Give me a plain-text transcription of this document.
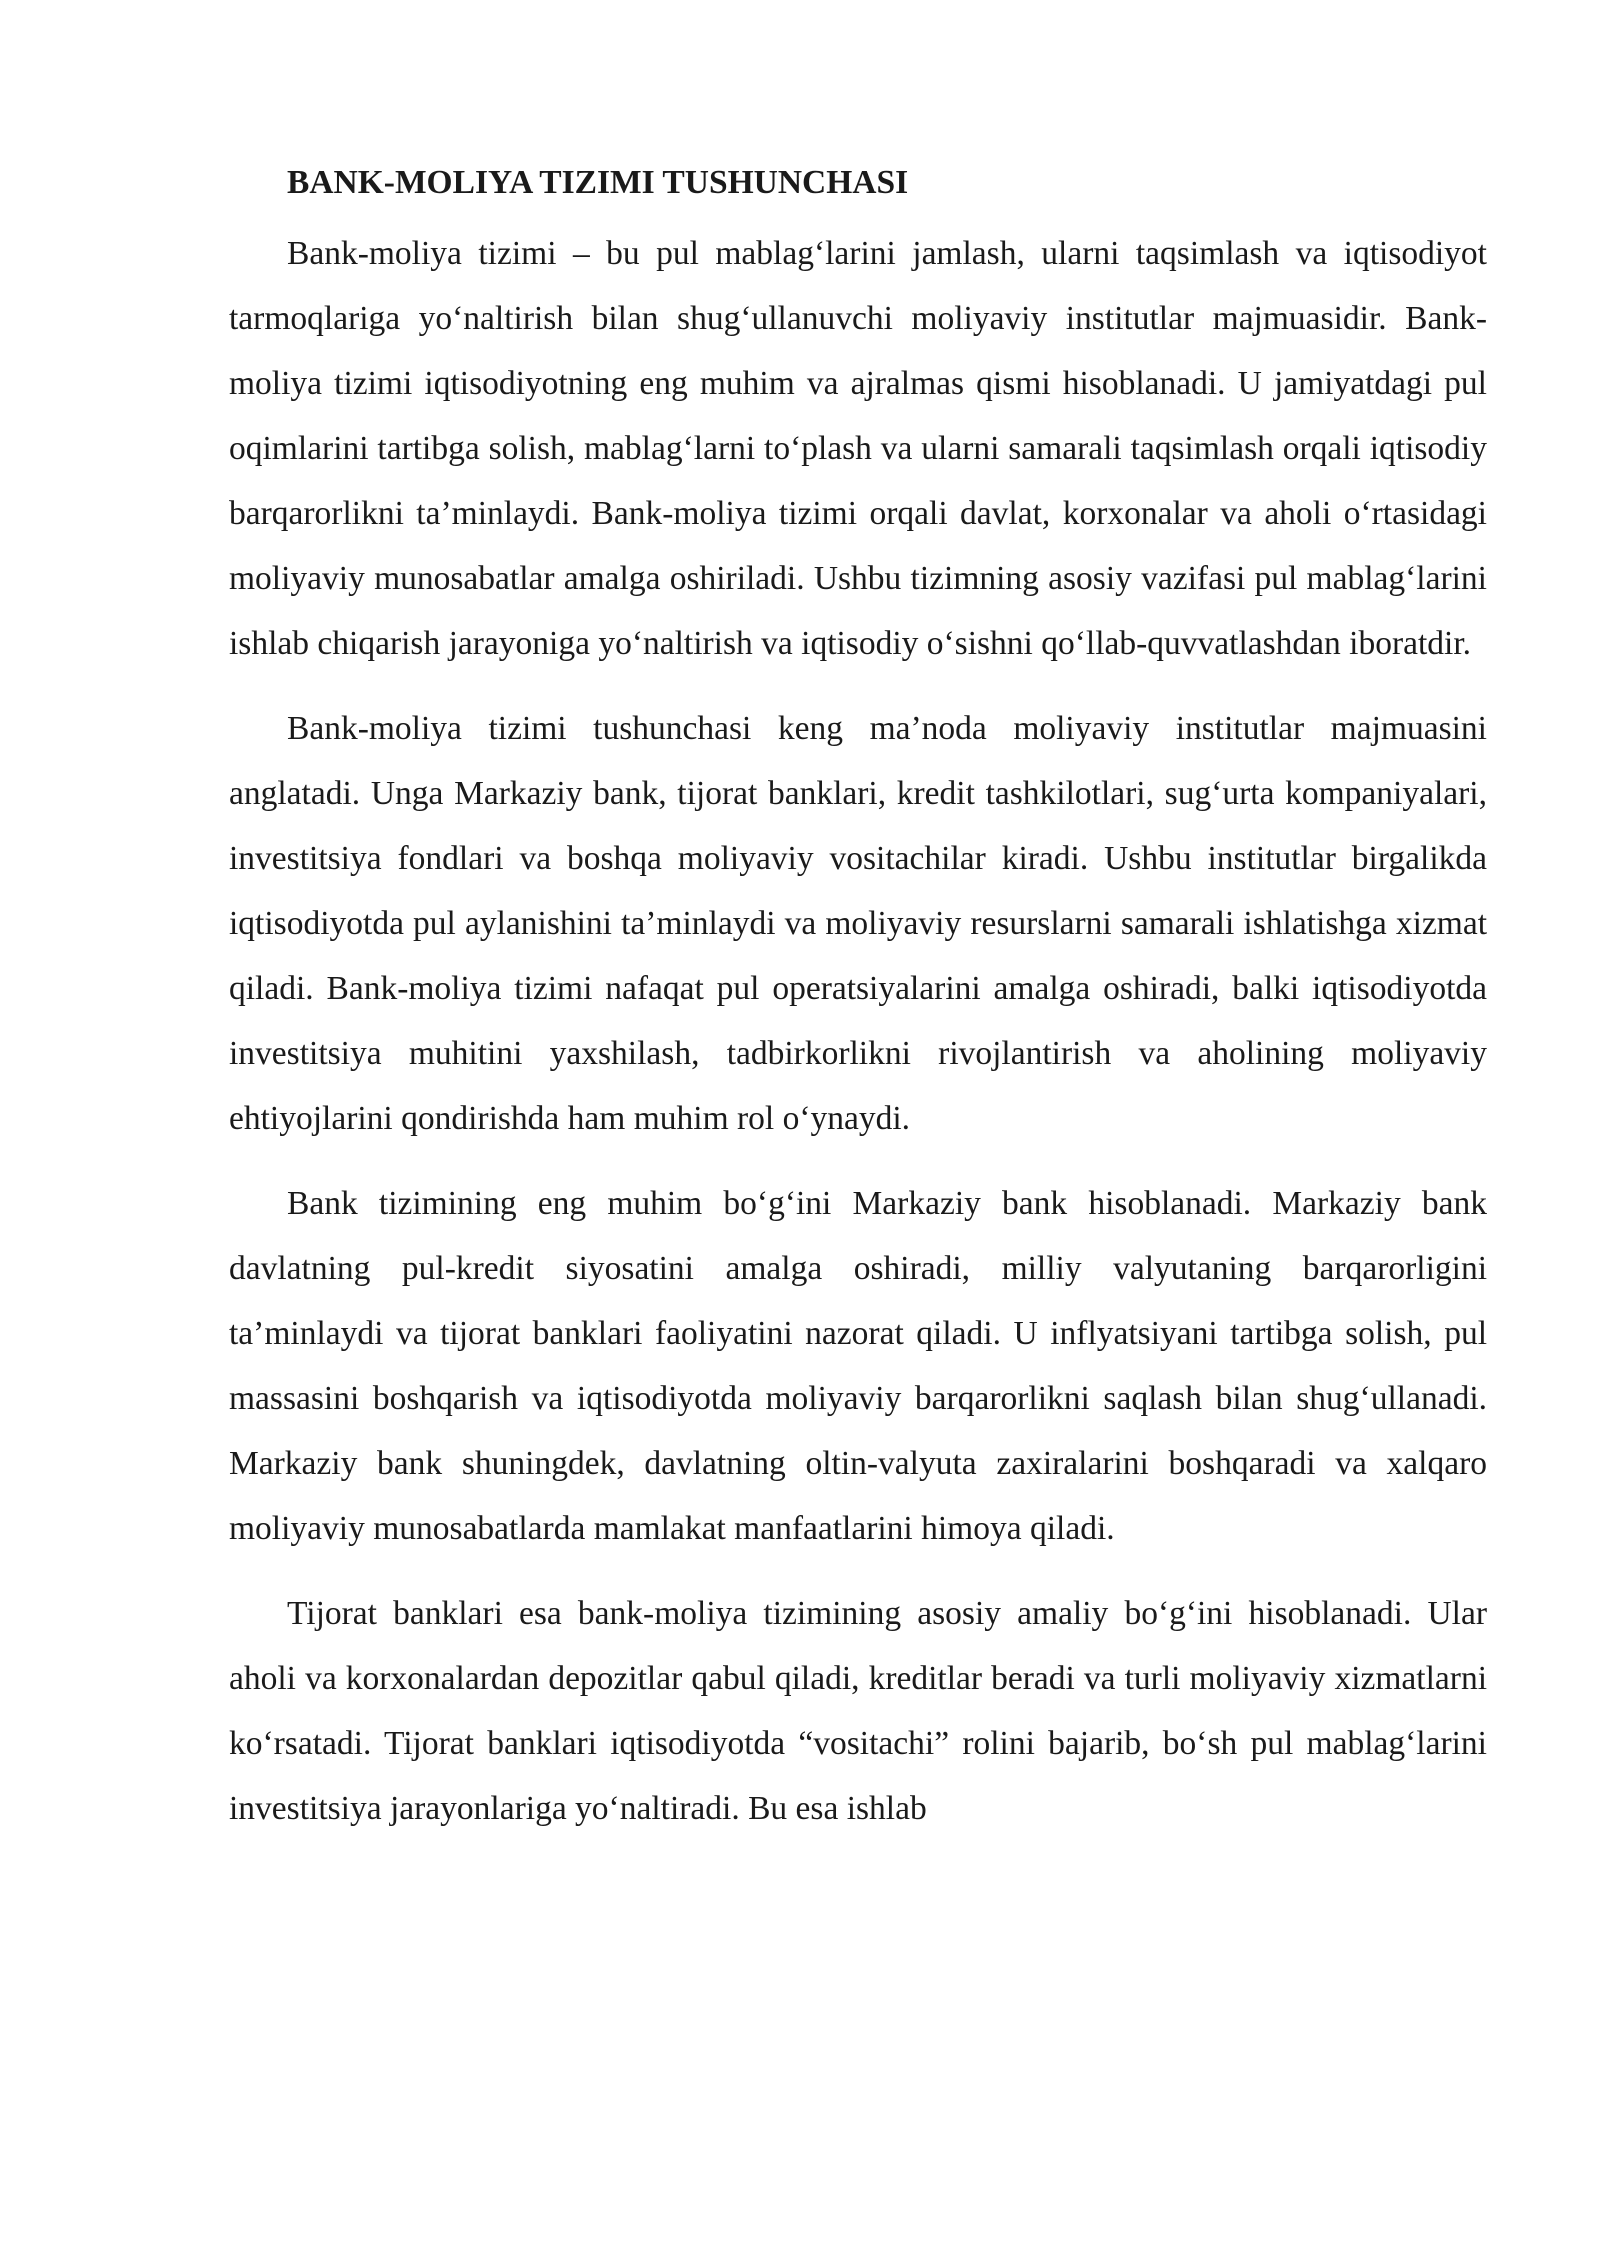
BANK-MOLIYA TIZIMI TUSHUNCHASI

Bank-moliya tizimi – bu pul mablag‘larini jamlash, ularni taqsimlash va iqtisodiyot tarmoqlariga yo‘naltirish bilan shug‘ullanuvchi moliyaviy institutlar majmuasidir. Bank-moliya tizimi iqtisodiyotning eng muhim va ajralmas qismi hisoblanadi. U jamiyatdagi pul oqimlarini tartibga solish, mablag‘larni to‘plash va ularni samarali taqsimlash orqali iqtisodiy barqarorlikni ta’minlaydi. Bank-moliya tizimi orqali davlat, korxonalar va aholi o‘rtasidagi moliyaviy munosabatlar amalga oshiriladi. Ushbu tizimning asosiy vazifasi pul mablag‘larini ishlab chiqarish jarayoniga yo‘naltirish va iqtisodiy o‘sishni qo‘llab-quvvatlashdan iboratdir.

Bank-moliya tizimi tushunchasi keng ma’noda moliyaviy institutlar majmuasini anglatadi. Unga Markaziy bank, tijorat banklari, kredit tashkilotlari, sug‘urta kompaniyalari, investitsiya fondlari va boshqa moliyaviy vositachilar kiradi. Ushbu institutlar birgalikda iqtisodiyotda pul aylanishini ta’minlaydi va moliyaviy resurslarni samarali ishlatishga xizmat qiladi. Bank-moliya tizimi nafaqat pul operatsiyalarini amalga oshiradi, balki iqtisodiyotda investitsiya muhitini yaxshilash, tadbirkorlikni rivojlantirish va aholining moliyaviy ehtiyojlarini qondirishda ham muhim rol o‘ynaydi.

Bank tizimining eng muhim bo‘g‘ini Markaziy bank hisoblanadi. Markaziy bank davlatning pul-kredit siyosatini amalga oshiradi, milliy valyutaning barqarorligini ta’minlaydi va tijorat banklari faoliyatini nazorat qiladi. U inflyatsiyani tartibga solish, pul massasini boshqarish va iqtisodiyotda moliyaviy barqarorlikni saqlash bilan shug‘ullanadi. Markaziy bank shuningdek, davlatning oltin-valyuta zaxiralarini boshqaradi va xalqaro moliyaviy munosabatlarda mamlakat manfaatlarini himoya qiladi.

Tijorat banklari esa bank-moliya tizimining asosiy amaliy bo‘g‘ini hisoblanadi. Ular aholi va korxonalardan depozitlar qabul qiladi, kreditlar beradi va turli moliyaviy xizmatlarni ko‘rsatadi. Tijorat banklari iqtisodiyotda “vositachi” rolini bajarib, bo‘sh pul mablag‘larini investitsiya jarayonlariga yo‘naltiradi. Bu esa ishlab
